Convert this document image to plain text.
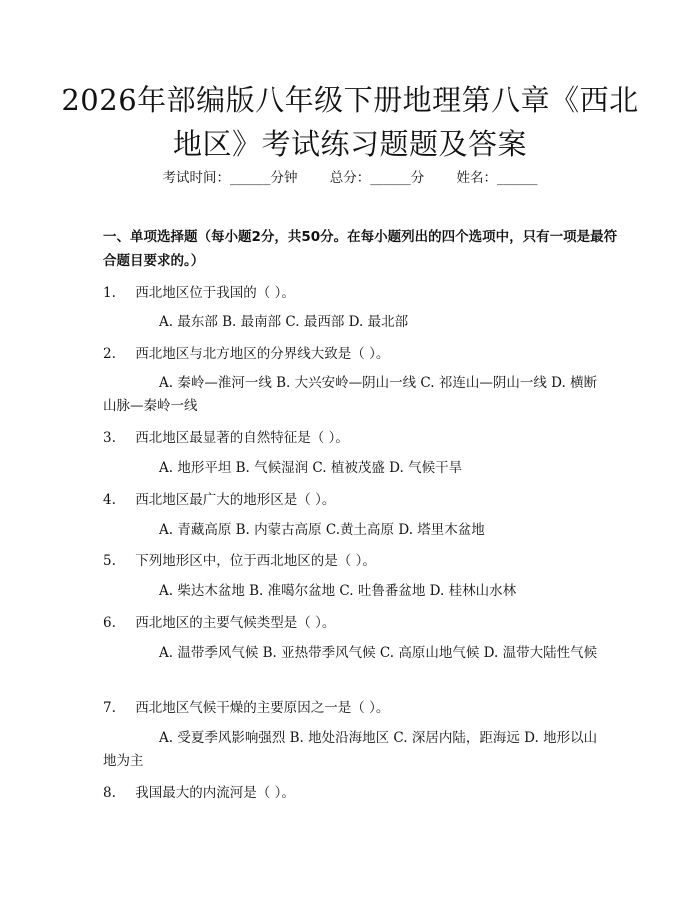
2026年部编版八年级下册地理第八章《西北地区》考试练习题题及答案
考试时间：______分钟 总分：______分 姓名：______
一、单项选择题（每小题2分，共50分。在每小题列出的四个选项中，只有一项是最符合题目要求的。）
1. 西北地区位于我国的（ ）。
A. 最东部 B. 最南部 C. 最西部 D. 最北部
2. 西北地区与北方地区的分界线大致是（ ）。
A. 秦岭—淮河一线 B. 大兴安岭—阴山一线 C. 祁连山—阴山一线 D. 横断山脉—秦岭一线
3. 西北地区最显著的自然特征是（ ）。
A. 地形平坦 B. 气候湿润 C. 植被茂盛 D. 气候干旱
4. 西北地区最广大的地形区是（ ）。
A. 青藏高原 B. 内蒙古高原 C.黄土高原 D. 塔里木盆地
5. 下列地形区中，位于西北地区的是（ ）。
A. 柴达木盆地 B. 准噶尔盆地 C. 吐鲁番盆地 D. 桂林山水林
6. 西北地区的主要气候类型是（ ）。
A. 温带季风气候 B. 亚热带季风气候 C. 高原山地气候 D. 温带大陆性气候
7. 西北地区气候干燥的主要原因之一是（ ）。
A. 受夏季风影响强烈 B. 地处沿海地区 C. 深居内陆，距海远 D. 地形以山地为主
8. 我国最大的内流河是（ ）。
